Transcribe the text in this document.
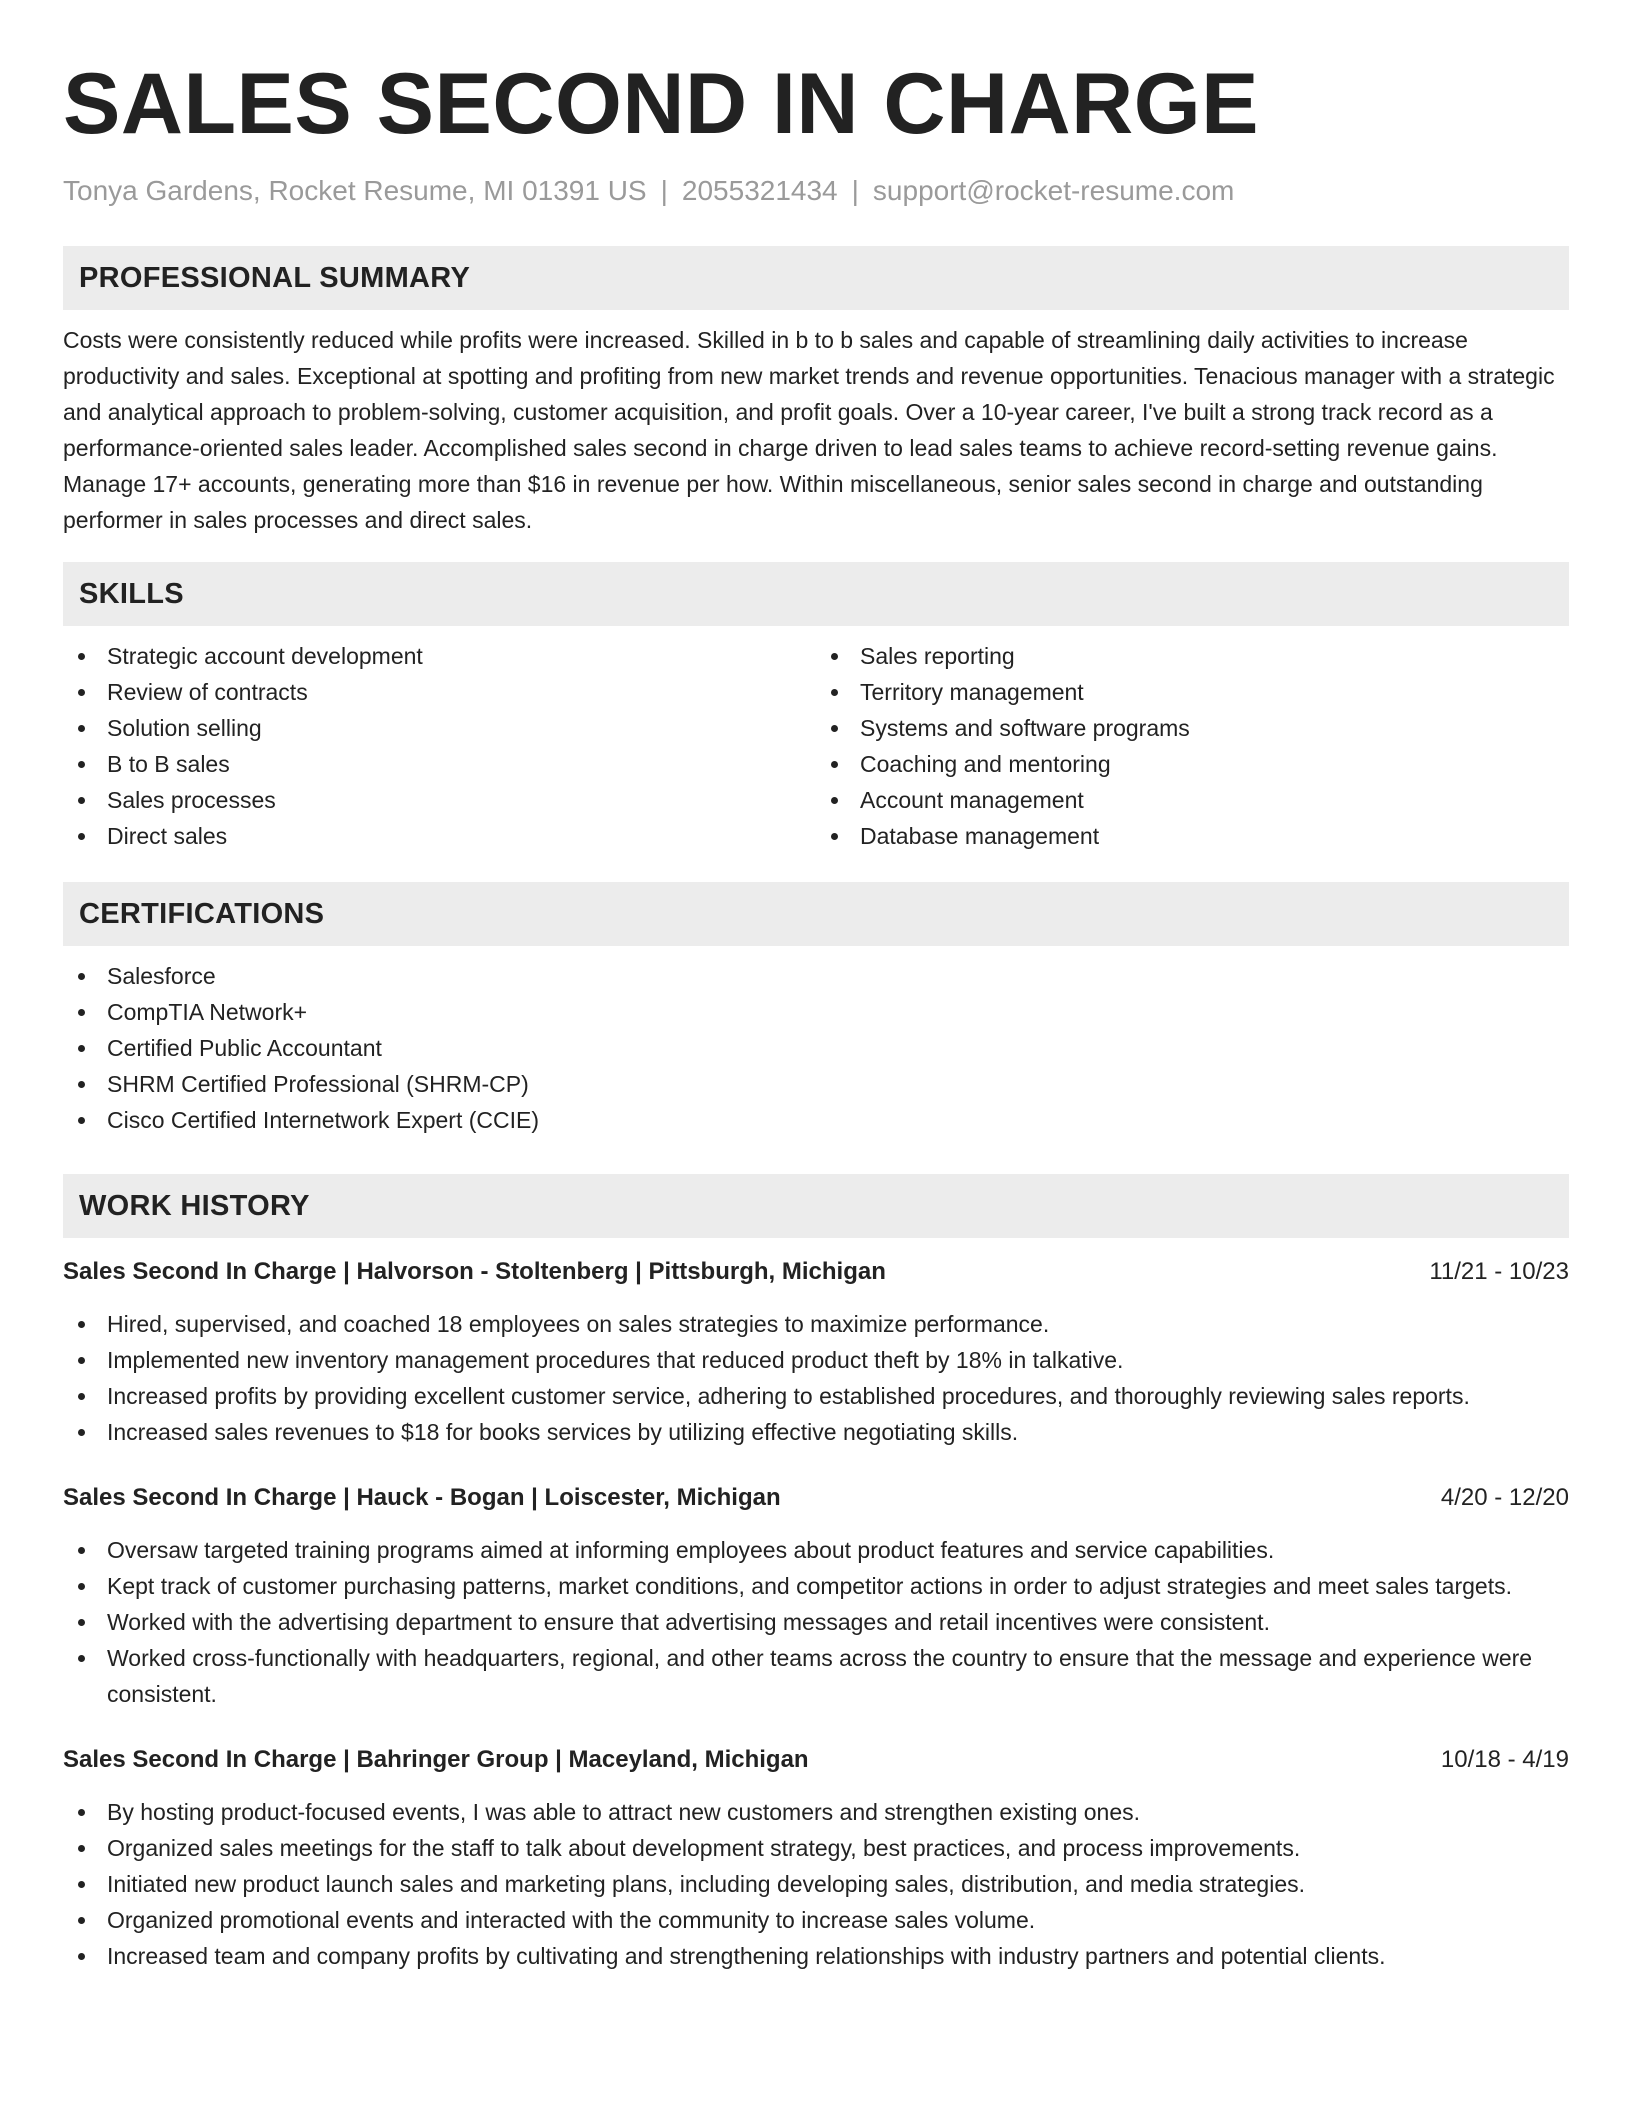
SALES SECOND IN CHARGE
Tonya Gardens, Rocket Resume, MI 01391 US | 2055321434 | support@rocket-resume.com
PROFESSIONAL SUMMARY

Costs were consistently reduced while profits were increased. Skilled in b to b sales and capable of streamlining daily activities to increase productivity and sales. Exceptional at spotting and profiting from new market trends and revenue opportunities. Tenacious manager with a strategic and analytical approach to problem-solving, customer acquisition, and profit goals. Over a 10-year career, I've built a strong track record as a performance-oriented sales leader. Accomplished sales second in charge driven to lead sales teams to achieve record-setting revenue gains. Manage 17+ accounts, generating more than $16 in revenue per how. Within miscellaneous, senior sales second in charge and outstanding performer in sales processes and direct sales.

SKILLS
Strategic account development
Review of contracts
Solution selling
B to B sales
Sales processes
Direct sales
Sales reporting
Territory management
Systems and software programs
Coaching and mentoring
Account management
Database management
CERTIFICATIONS
Salesforce
CompTIA Network+
Certified Public Accountant
SHRM Certified Professional (SHRM-CP)
Cisco Certified Internetwork Expert (CCIE)
WORK HISTORY
Sales Second In Charge | Halvorson - Stoltenberg | Pittsburgh, Michigan	11/21 - 10/23
Hired, supervised, and coached 18 employees on sales strategies to maximize performance.
Implemented new inventory management procedures that reduced product theft by 18% in talkative.
Increased profits by providing excellent customer service, adhering to established procedures, and thoroughly reviewing sales reports.
Increased sales revenues to $18 for books services by utilizing effective negotiating skills.
Sales Second In Charge | Hauck - Bogan | Loiscester, Michigan	4/20 - 12/20
Oversaw targeted training programs aimed at informing employees about product features and service capabilities.
Kept track of customer purchasing patterns, market conditions, and competitor actions in order to adjust strategies and meet sales targets.
Worked with the advertising department to ensure that advertising messages and retail incentives were consistent.
Worked cross-functionally with headquarters, regional, and other teams across the country to ensure that the message and experience were consistent.
Sales Second In Charge | Bahringer Group | Maceyland, Michigan	10/18 - 4/19
By hosting product-focused events, I was able to attract new customers and strengthen existing ones.
Organized sales meetings for the staff to talk about development strategy, best practices, and process improvements.
Initiated new product launch sales and marketing plans, including developing sales, distribution, and media strategies.
Organized promotional events and interacted with the community to increase sales volume.
Increased team and company profits by cultivating and strengthening relationships with industry partners and potential clients.
